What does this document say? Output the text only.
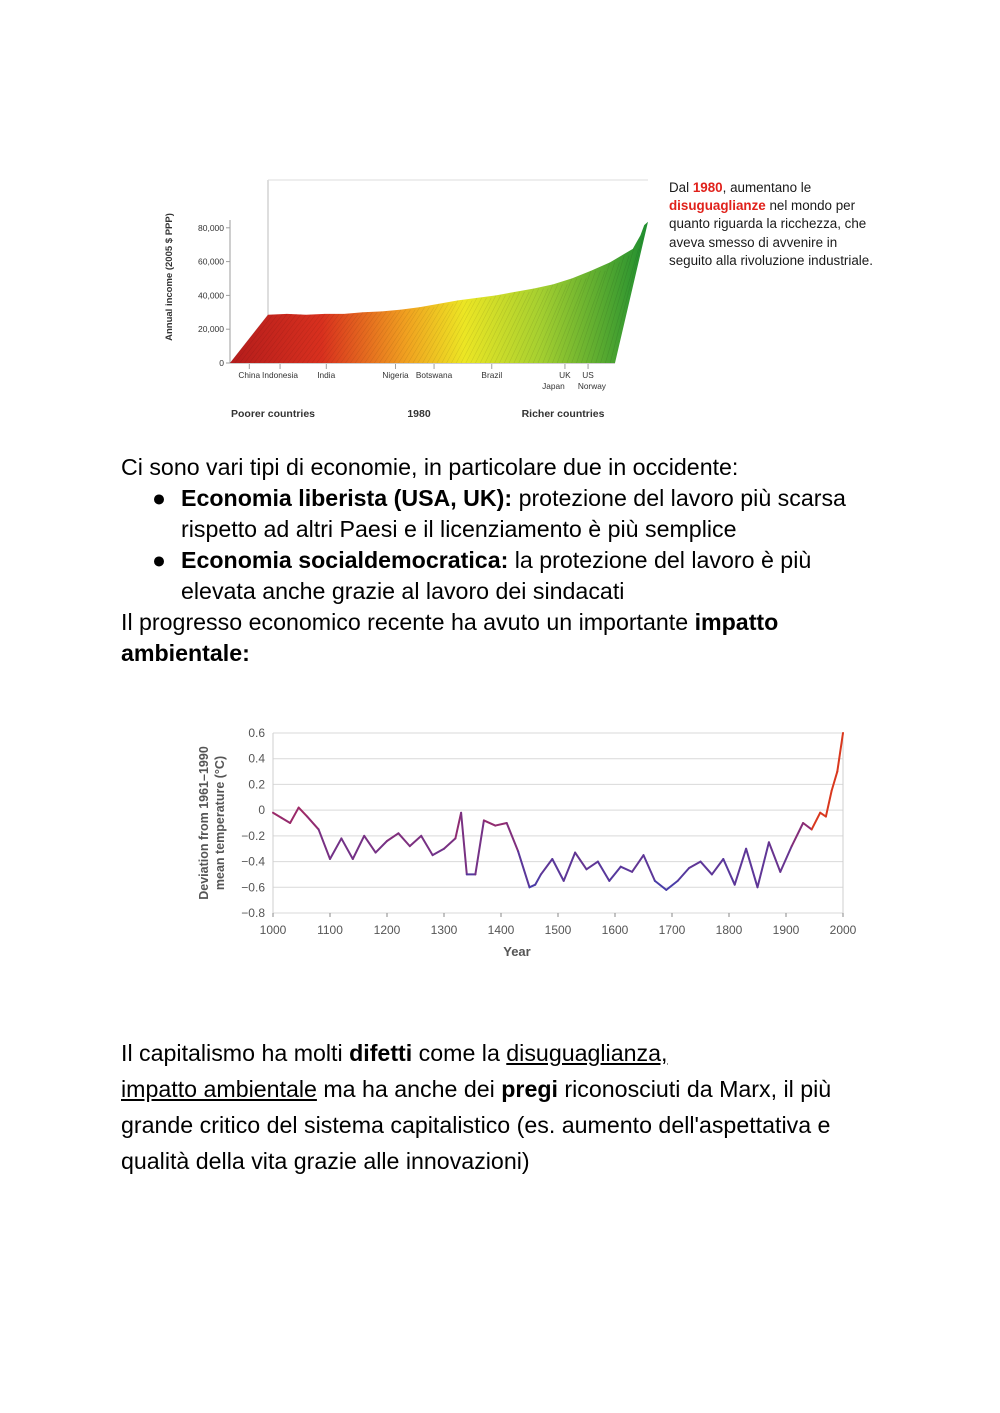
0
20,000
40,000
60,000
80,000
Annual income (2005 $ PPP)
China Indonesia India	Nigeria Botswana	Brazil	UK US
Japan Norway
Poorer countries	1980	Richer countries
Dal 1980, aumentano le disuguaglianze nel mondo per quanto riguarda la ricchezza, che aveva smesso di avvenire in seguito alla rivoluzione industriale.

Ci sono vari tipi di economie, in particolare due in occidente:

● Economia liberista (USA, UK): protezione del lavoro più scarsa rispetto ad altri Paesi e il licenziamento è più semplice
● Economia socialdemocratica: la protezione del lavoro è più elevata anche grazie al lavoro dei sindacati

Il progresso economico recente ha avuto un importante impatto ambientale:

0.6
0.4
0.2
0
−0.2
−0.4
−0.6
−0.8
1000	1100	1200	1300	1400	1500	1600	1700	1800	1900	2000
Year
Deviation from 1961–1990 mean temperature (°C)
Il capitalismo ha molti difetti come la disuguaglianza,
impatto ambientale ma ha anche dei pregi riconosciuti da Marx, il più grande critico del sistema capitalistico (es. aumento dell'aspettativa e qualità della vita grazie alle innovazioni)
